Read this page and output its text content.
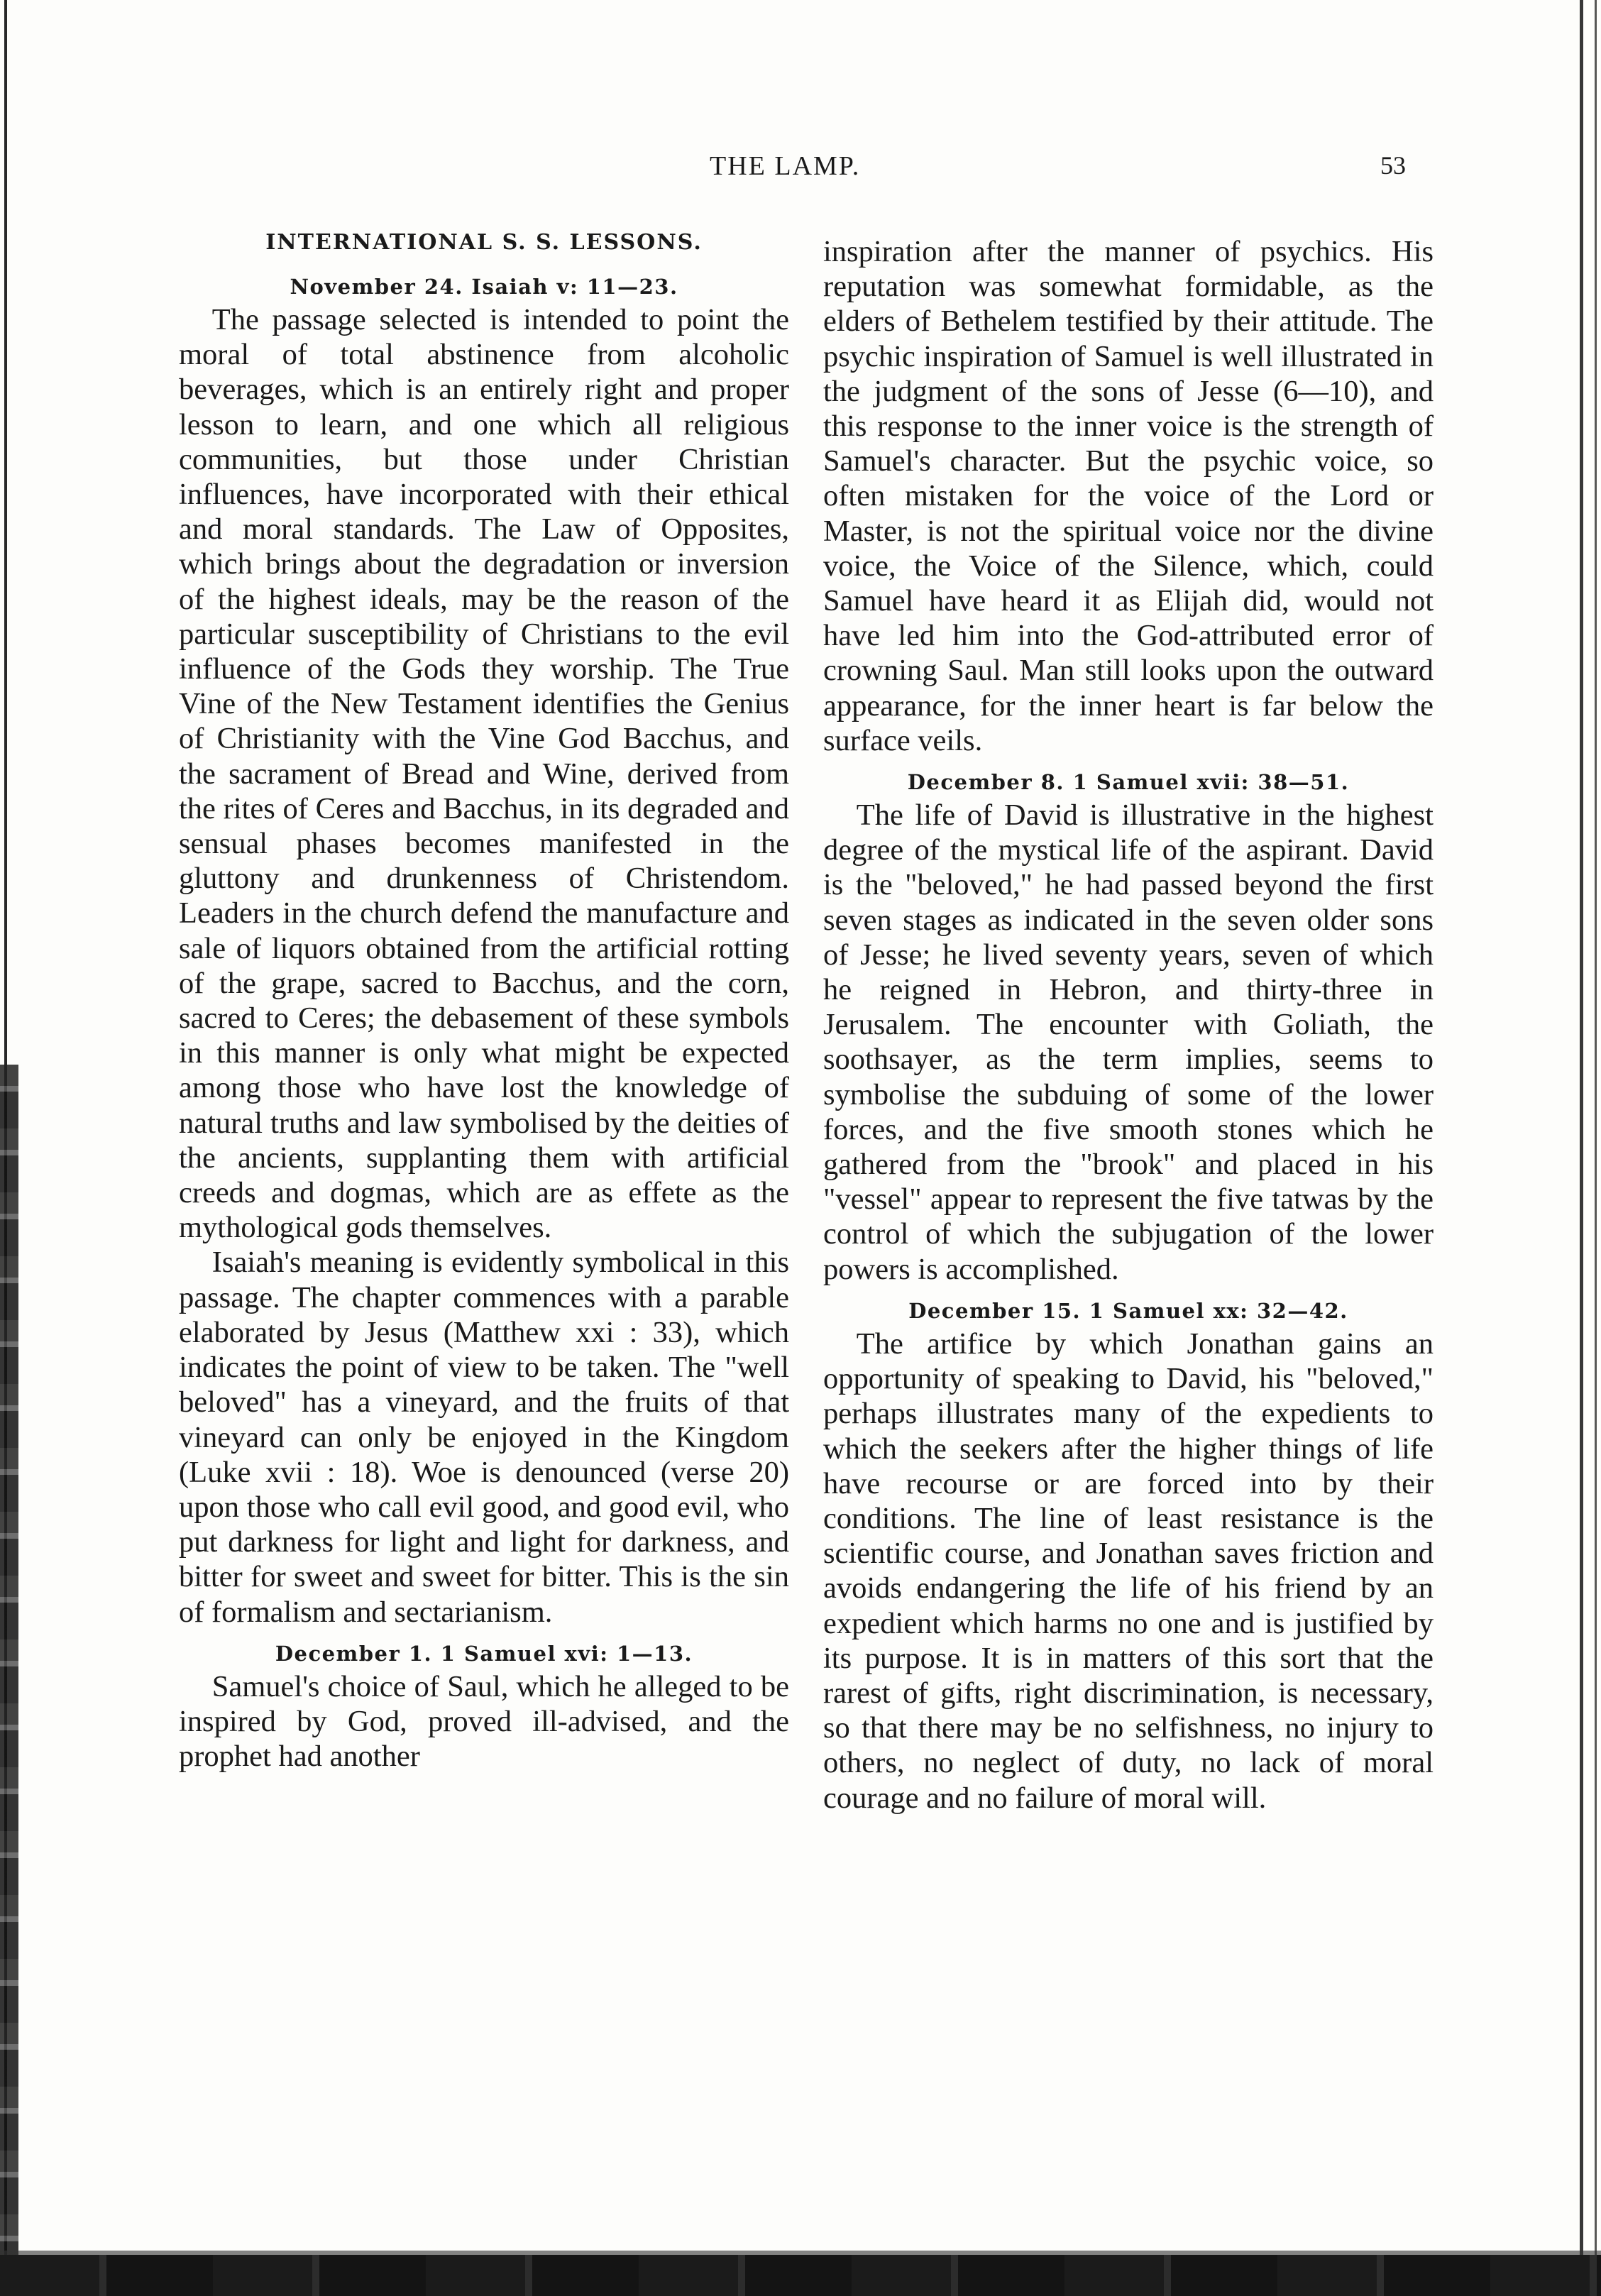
THE LAMP.	53
INTERNATIONAL S. S. LESSONS.
November 24. Isaiah v: 11—23.

The passage selected is intended to point the moral of total abstinence from alcoholic beverages, which is an entirely right and proper lesson to learn, and one which all religious communities, but those under Christian influences, have incorporated with their ethical and moral standards. The Law of Opposites, which brings about the degradation or inversion of the highest ideals, may be the reason of the particular susceptibility of Christians to the evil influence of the Gods they worship. The True Vine of the New Testament identifies the Genius of Christianity with the Vine God Bacchus, and the sacrament of Bread and Wine, derived from the rites of Ceres and Bacchus, in its degraded and sensual phases becomes manifested in the gluttony and drunkenness of Christendom. Leaders in the church defend the manufacture and sale of liquors obtained from the artificial rotting of the grape, sacred to Bacchus, and the corn, sacred to Ceres; the debasement of these symbols in this manner is only what might be expected among those who have lost the knowledge of natural truths and law symbolised by the deities of the ancients, supplanting them with artificial creeds and dogmas, which are as effete as the mythological gods themselves.

Isaiah's meaning is evidently symbolical in this passage. The chapter commences with a parable elaborated by Jesus (Matthew xxi : 33), which indicates the point of view to be taken. The "well beloved" has a vineyard, and the fruits of that vineyard can only be enjoyed in the Kingdom (Luke xvii : 18). Woe is denounced (verse 20) upon those who call evil good, and good evil, who put darkness for light and light for darkness, and bitter for sweet and sweet for bitter. This is the sin of formalism and sectarianism.

December 1. 1 Samuel xvi: 1—13.

Samuel's choice of Saul, which he alleged to be inspired by God, proved ill-advised, and the prophet had another

inspiration after the manner of psychics. His reputation was somewhat formidable, as the elders of Bethelem testified by their attitude. The psychic inspiration of Samuel is well illustrated in the judgment of the sons of Jesse (6—10), and this response to the inner voice is the strength of Samuel's character. But the psychic voice, so often mistaken for the voice of the Lord or Master, is not the spiritual voice nor the divine voice, the Voice of the Silence, which, could Samuel have heard it as Elijah did, would not have led him into the God-attributed error of crowning Saul. Man still looks upon the outward appearance, for the inner heart is far below the surface veils.

December 8. 1 Samuel xvii: 38—51.

The life of David is illustrative in the highest degree of the mystical life of the aspirant. David is the "beloved," he had passed beyond the first seven stages as indicated in the seven older sons of Jesse; he lived seventy years, seven of which he reigned in Hebron, and thirty-three in Jerusalem. The encounter with Goliath, the soothsayer, as the term implies, seems to symbolise the subduing of some of the lower forces, and the five smooth stones which he gathered from the "brook" and placed in his "vessel" appear to represent the five tatwas by the control of which the subjugation of the lower powers is accomplished.

December 15. 1 Samuel xx: 32—42.

The artifice by which Jonathan gains an opportunity of speaking to David, his "beloved," perhaps illustrates many of the expedients to which the seekers after the higher things of life have recourse or are forced into by their conditions. The line of least resistance is the scientific course, and Jonathan saves friction and avoids endangering the life of his friend by an expedient which harms no one and is justified by its purpose. It is in matters of this sort that the rarest of gifts, right discrimination, is necessary, so that there may be no selfishness, no injury to others, no neglect of duty, no lack of moral courage and no failure of moral will.
